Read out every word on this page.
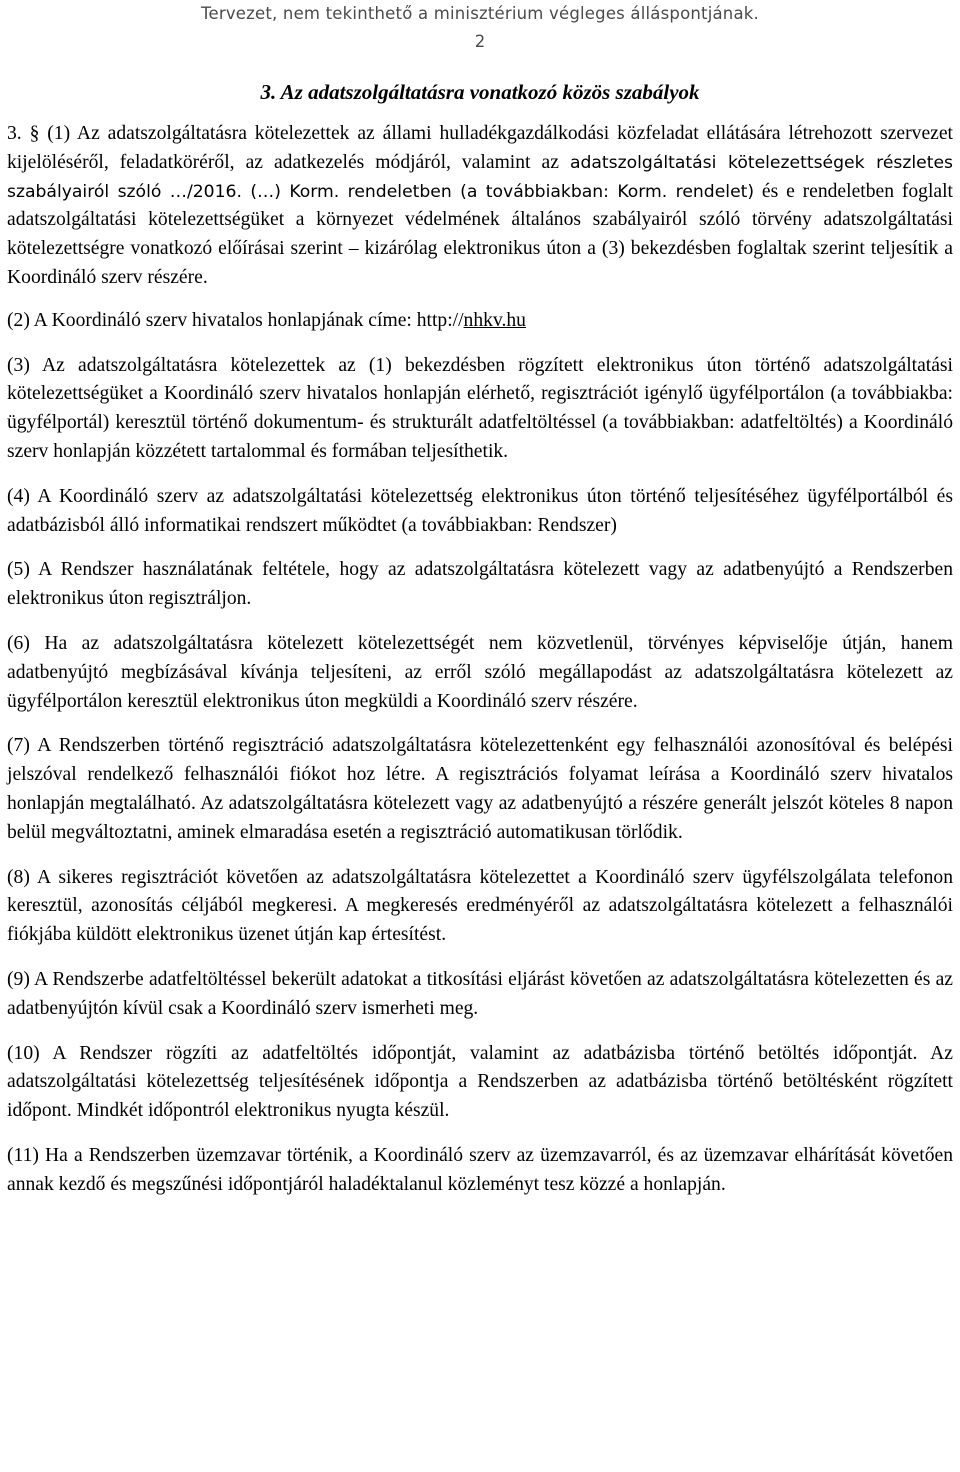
Tervezet, nem tekinthető a minisztérium végleges álláspontjának.
2
3. Az adatszolgáltatásra vonatkozó közös szabályok

3. § (1) Az adatszolgáltatásra kötelezettek az állami hulladékgazdálkodási közfeladat ellátására létrehozott szervezet kijelöléséről, feladatköréről, az adatkezelés módjáról, valamint az adatszolgáltatási kötelezettségek részletes szabályairól szóló …/2016. (…) Korm. rendeletben (a továbbiakban: Korm. rendelet) és e rendeletben foglalt adatszolgáltatási kötelezettségüket a környezet védelmének általános szabályairól szóló törvény adatszolgáltatási kötelezettségre vonatkozó előírásai szerint – kizárólag elektronikus úton a (3) bekezdésben foglaltak szerint teljesítik a Koordináló szerv részére.

(2) A Koordináló szerv hivatalos honlapjának címe: http://nhkv.hu

(3) Az adatszolgáltatásra kötelezettek az (1) bekezdésben rögzített elektronikus úton történő adatszolgáltatási kötelezettségüket a Koordináló szerv hivatalos honlapján elérhető, regisztrációt igénylő ügyfélportálon (a továbbiakba: ügyfélportál) keresztül történő dokumentum- és strukturált adatfeltöltéssel (a továbbiakban: adatfeltöltés) a Koordináló szerv honlapján közzétett tartalommal és formában teljesíthetik.

(4) A Koordináló szerv az adatszolgáltatási kötelezettség elektronikus úton történő teljesítéséhez ügyfélportálból és adatbázisból álló informatikai rendszert működtet (a továbbiakban: Rendszer)

(5) A Rendszer használatának feltétele, hogy az adatszolgáltatásra kötelezett vagy az adatbenyújtó a Rendszerben elektronikus úton regisztráljon.

(6) Ha az adatszolgáltatásra kötelezett kötelezettségét nem közvetlenül, törvényes képviselője útján, hanem adatbenyújtó megbízásával kívánja teljesíteni, az erről szóló megállapodást az adatszolgáltatásra kötelezett az ügyfélportálon keresztül elektronikus úton megküldi a Koordináló szerv részére.

(7) A Rendszerben történő regisztráció adatszolgáltatásra kötelezettenként egy felhasználói azonosítóval és belépési jelszóval rendelkező felhasználói fiókot hoz létre. A regisztrációs folyamat leírása a Koordináló szerv hivatalos honlapján megtalálható. Az adatszolgáltatásra kötelezett vagy az adatbenyújtó a részére generált jelszót köteles 8 napon belül megváltoztatni, aminek elmaradása esetén a regisztráció automatikusan törlődik.

(8) A sikeres regisztrációt követően az adatszolgáltatásra kötelezettet a Koordináló szerv ügyfélszolgálata telefonon keresztül, azonosítás céljából megkeresi. A megkeresés eredményéről az adatszolgáltatásra kötelezett a felhasználói fiókjába küldött elektronikus üzenet útján kap értesítést.

(9) A Rendszerbe adatfeltöltéssel bekerült adatokat a titkosítási eljárást követően az adatszolgáltatásra kötelezetten és az adatbenyújtón kívül csak a Koordináló szerv ismerheti meg.

(10) A Rendszer rögzíti az adatfeltöltés időpontját, valamint az adatbázisba történő betöltés időpontját. Az adatszolgáltatási kötelezettség teljesítésének időpontja a Rendszerben az adatbázisba történő betöltésként rögzített időpont. Mindkét időpontról elektronikus nyugta készül.

(11) Ha a Rendszerben üzemzavar történik, a Koordináló szerv az üzemzavarról, és az üzemzavar elhárítását követően annak kezdő és megszűnési időpontjáról haladéktalanul közleményt tesz közzé a honlapján.
